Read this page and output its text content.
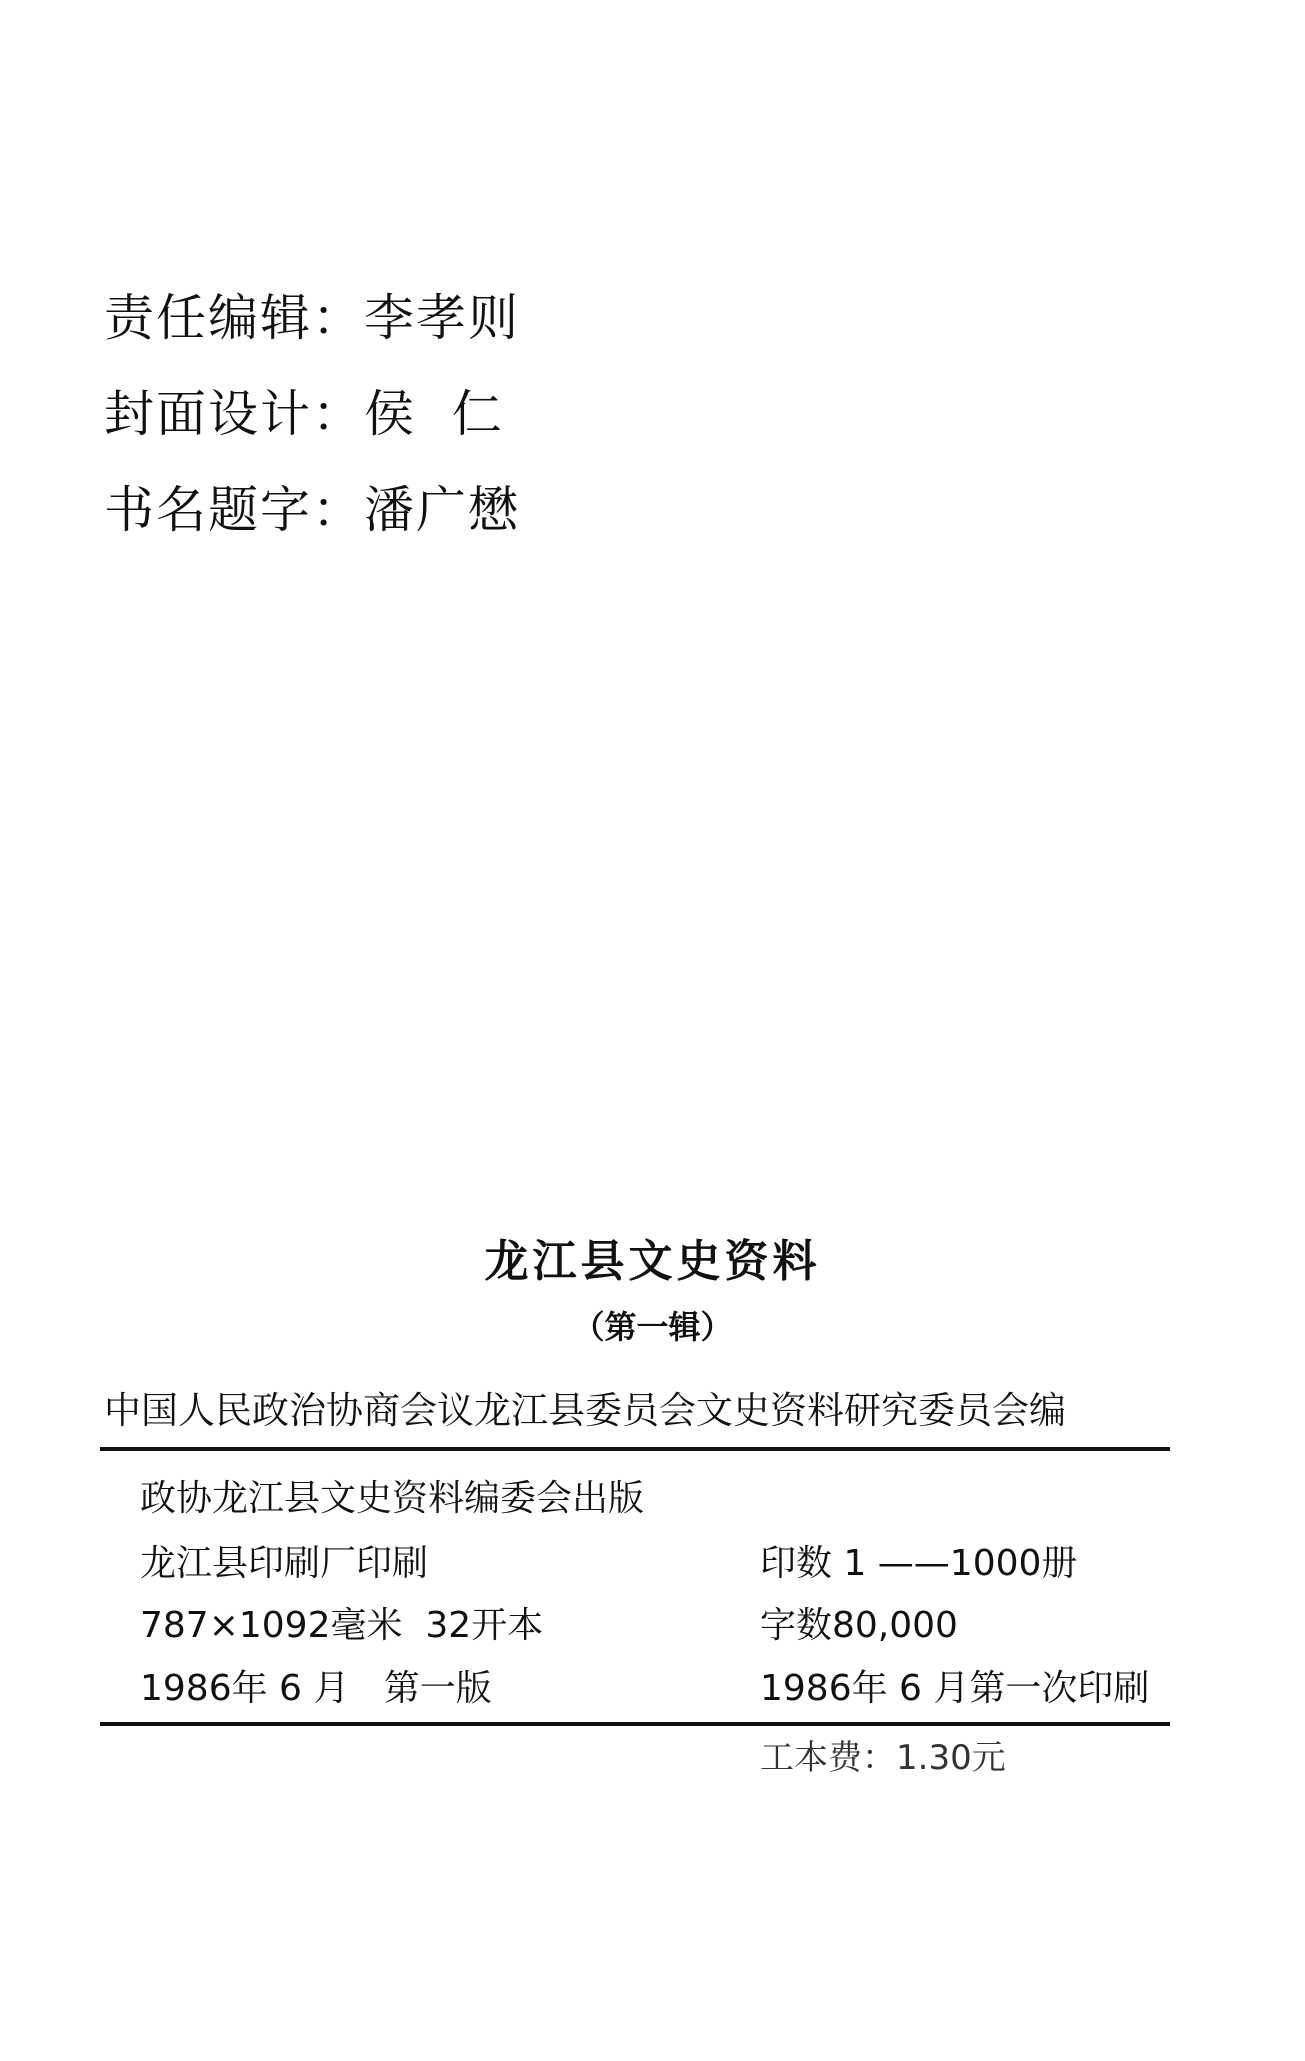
责任编辑：李孝则
封面设计：侯  仁
书名题字：潘广懋
龙江县文史资料
（第一辑）
中国人民政治协商会议龙江县委员会文史资料研究委员会编
政协龙江县文史资料编委会出版
龙江县印刷厂印刷	印数 1 ——1000册
787×1092毫米  32开本	字数80,000
1986年 6 月   第一版	1986年 6 月第一次印刷
工本费：1.30元
